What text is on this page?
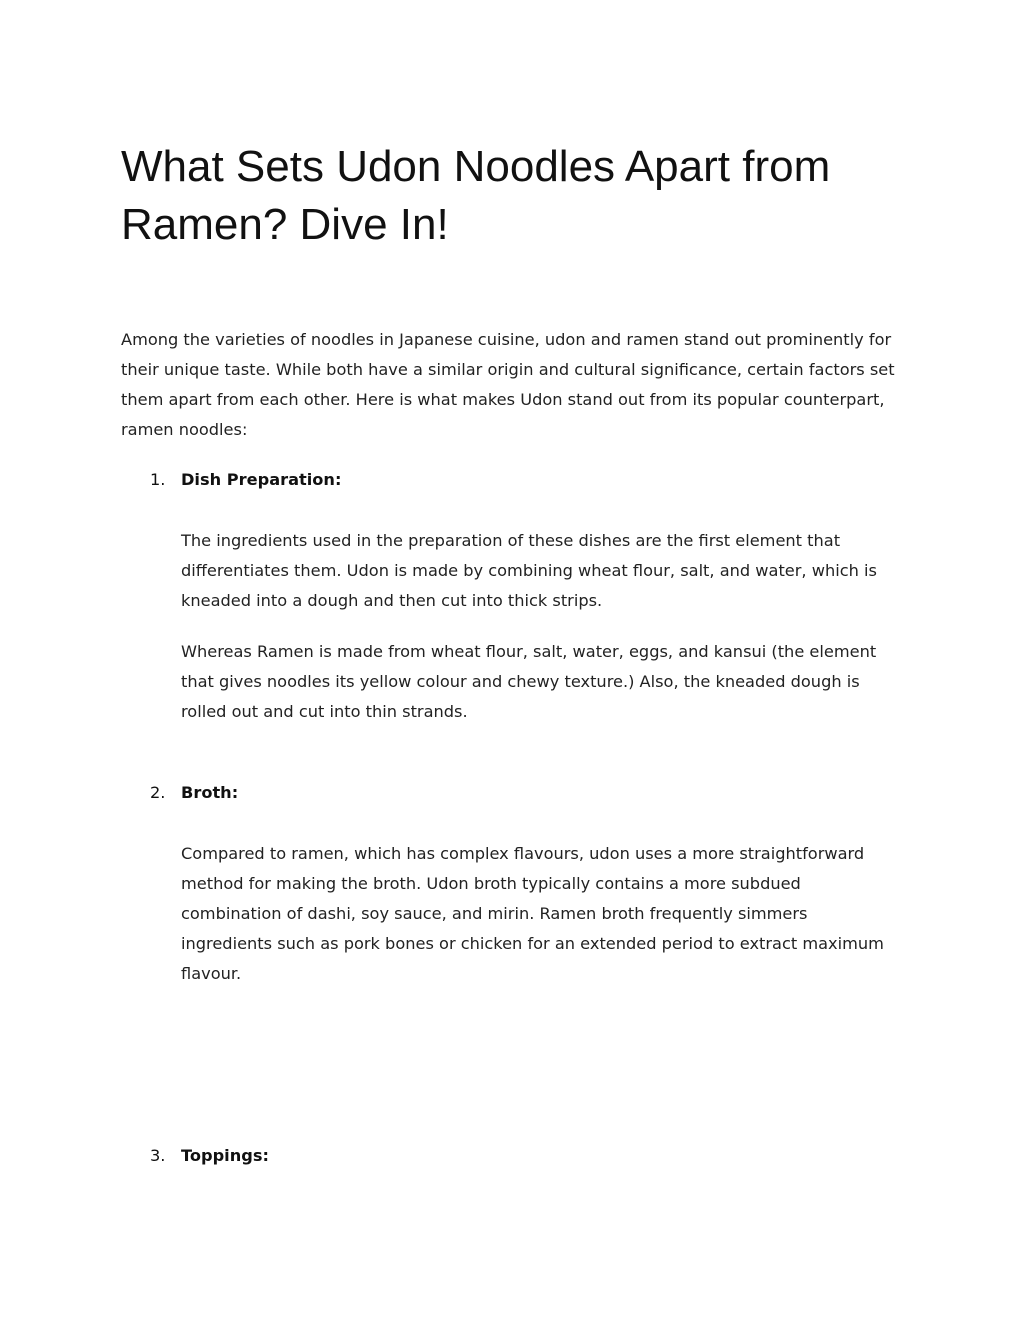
What Sets Udon Noodles Apart from Ramen? Dive In!

Among the varieties of noodles in Japanese cuisine, udon and ramen stand out prominently for their unique taste. While both have a similar origin and cultural significance, certain factors set them apart from each other. Here is what makes Udon stand out from its popular counterpart, ramen noodles:

1. Dish Preparation:

The ingredients used in the preparation of these dishes are the first element that differentiates them. Udon is made by combining wheat flour, salt, and water, which is kneaded into a dough and then cut into thick strips.

Whereas Ramen is made from wheat flour, salt, water, eggs, and kansui (the element that gives noodles its yellow colour and chewy texture.) Also, the kneaded dough is rolled out and cut into thin strands.

2. Broth:

Compared to ramen, which has complex flavours, udon uses a more straightforward method for making the broth. Udon broth typically contains a more subdued combination of dashi, soy sauce, and mirin. Ramen broth frequently simmers ingredients such as pork bones or chicken for an extended period to extract maximum flavour.

3. Toppings:
